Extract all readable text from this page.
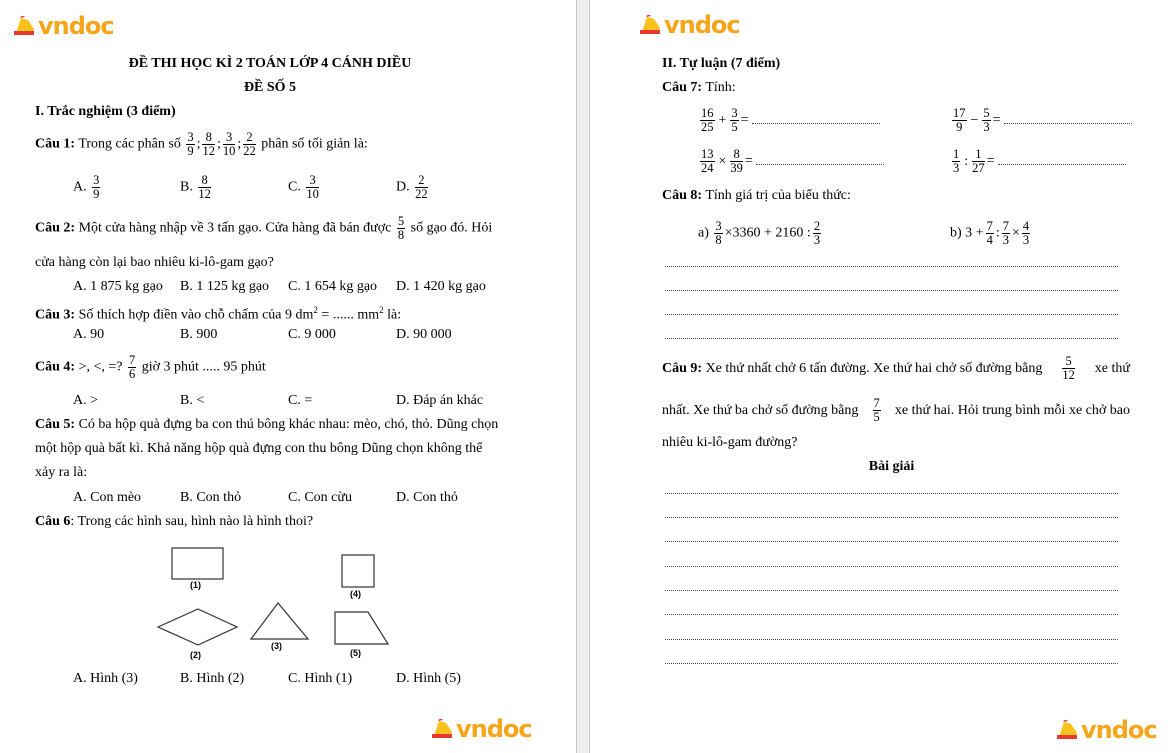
vndoc
ĐỀ THI HỌC KÌ 2 TOÁN LỚP 4 CÁNH DIỀU
ĐỀ SỐ 5
I. Trắc nghiệm (3 điểm)
Câu 1: Trong các phân số $\frac{3}{9}$ ; $\frac{8}{12}$ ; $\frac{3}{10}$ ; $\frac{2}{22}$ phân số tối giản là:
A. $\frac{3}{9}$	B. $\frac{8}{12}$	C. $\frac{3}{10}$	D. $\frac{2}{22}$
Câu 2: Một cửa hàng nhập về 3 tấn gạo. Cửa hàng đã bán được $\frac{5}{8}$ số gạo đó. Hỏi
cửa hàng còn lại bao nhiêu ki-lô-gam gạo?
A. 1 875 kg gạo B. 1 125 kg gạo C. 1 654 kg gạo D. 1 420 kg gạo
Câu 3: Số thích hợp điền vào chỗ chấm của 9 $dm^2$ = ...... $mm^2$ là:
A. 90	B. 900	C. 9 000	D. 90 000
Câu 4: >, <, =? $\frac{7}{6}$ giờ 3 phút ..... 95 phút
A. >	B. <	C. =	D. Đáp án khác
Câu 5: Có ba hộp quà đựng ba con thú bông khác nhau: mèo, chó, thỏ. Dũng chọn
một hộp quà bất kì. Khả năng hộp quà đựng con thu bông Dũng chọn không thể
xảy ra là:
A. Con mèo	B. Con thỏ	C. Con cừu	D. Con thỏ
Câu 6: Trong các hình sau, hình nào là hình thoi?
(1)
(2)
(3)
(4)
(5)
A. Hình (3)	B. Hình (2)	C. Hình (1)	D. Hình (5)
vndoc
vndoc
II. Tự luận (7 điểm)
Câu 7: Tính:
$\frac{16}{25} + \frac{3}{5}$ =	$\frac{17}{9} - \frac{5}{3}$ =
$\frac{13}{24} \times \frac{8}{39}$ =	$\frac{1}{3}$ : $\frac{1}{27}$ =
Câu 8: Tính giá trị của biểu thức:
$a) \frac{3}{8} \times 3360 + 2160$ : $\frac{2}{3}$	b) $3 + \frac{7}{4}$ : $\frac{7}{3} \times \frac{4}{3}$
Câu 9: Xe thứ nhất chở 6 tấn đường. Xe thứ hai chở số đường bằng $\frac{5}{12}$ xe thứ
nhất. Xe thứ ba chở số đường bằng $\frac{7}{5}$ xe thứ hai. Hỏi trung bình mỗi xe chở bao
nhiêu ki-lô-gam đường?
Bài giải
vndoc
